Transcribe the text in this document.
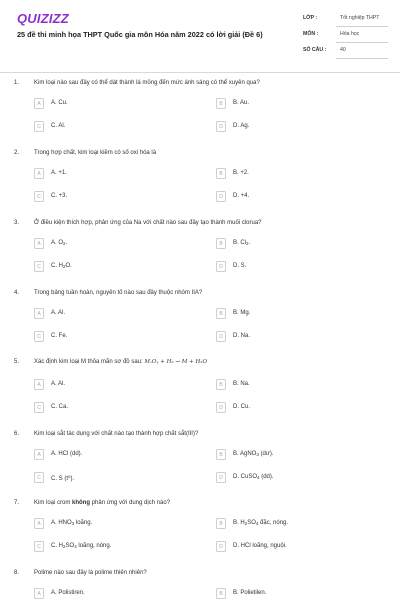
QUIZIZZ
25 đề thi minh họa THPT Quốc gia môn Hóa năm 2022 có lời giải (Đề 6)
LỚP :	Tốt nghiệp THPT
MÔN :	Hóa học
SỐ CÂU :	40
1. Kim loại nào sau đây có thể dát thành lá mỏng đến mức ánh sáng có thể xuyên qua?
A	A. Cu.	B	B. Au.
C	C. Al.	D	D. Ag.
2. Trong hợp chất, kim loại kiềm có số oxi hóa là
A	A. +1.	B	B. +2.
C	C. +3.	D	D. +4.
3. Ở điều kiện thích hợp, phản ứng của Na với chất nào sau đây tạo thành muối clorua?
A	A. $O_2$.	B	B. $Cl_2$.
C	C. $H_2O$.	D	D. S.
4. Trong bảng tuần hoàn, nguyên tố nào sau đây thuộc nhóm IIA?
A	A. Al.	B	B. Mg.
C	C. Fe.	D	D. Na.
5. Xác định kim loại M thỏa mãn sơ đồ sau: MₓOᵧ + H₂ → M + H₂O
A	A. Al.	B	B. Na.
C	C. Ca.	D	D. Cu.
6. Kim loại sắt tác dụng với chất nào tạo thành hợp chất sắt(III)?
A	A. HCl (dd).	B	B. AgNO$_3$ (dư).
C	C. S $(t^o)$.	D	D. CuSO$_4$ (dd).
7. Kim loại crom không phản ứng với dung dịch nào?
A	A. $HNO_3$ loãng.	B	B. $H_2SO_4$ đặc, nóng.
C	C. $H_2SO_4$ loãng, nóng.	D	D. HCl loãng, nguội.
8. Polime nào sau đây là polime thiên nhiên?
A	A. Polistiren.	B	B. Polietilen.
